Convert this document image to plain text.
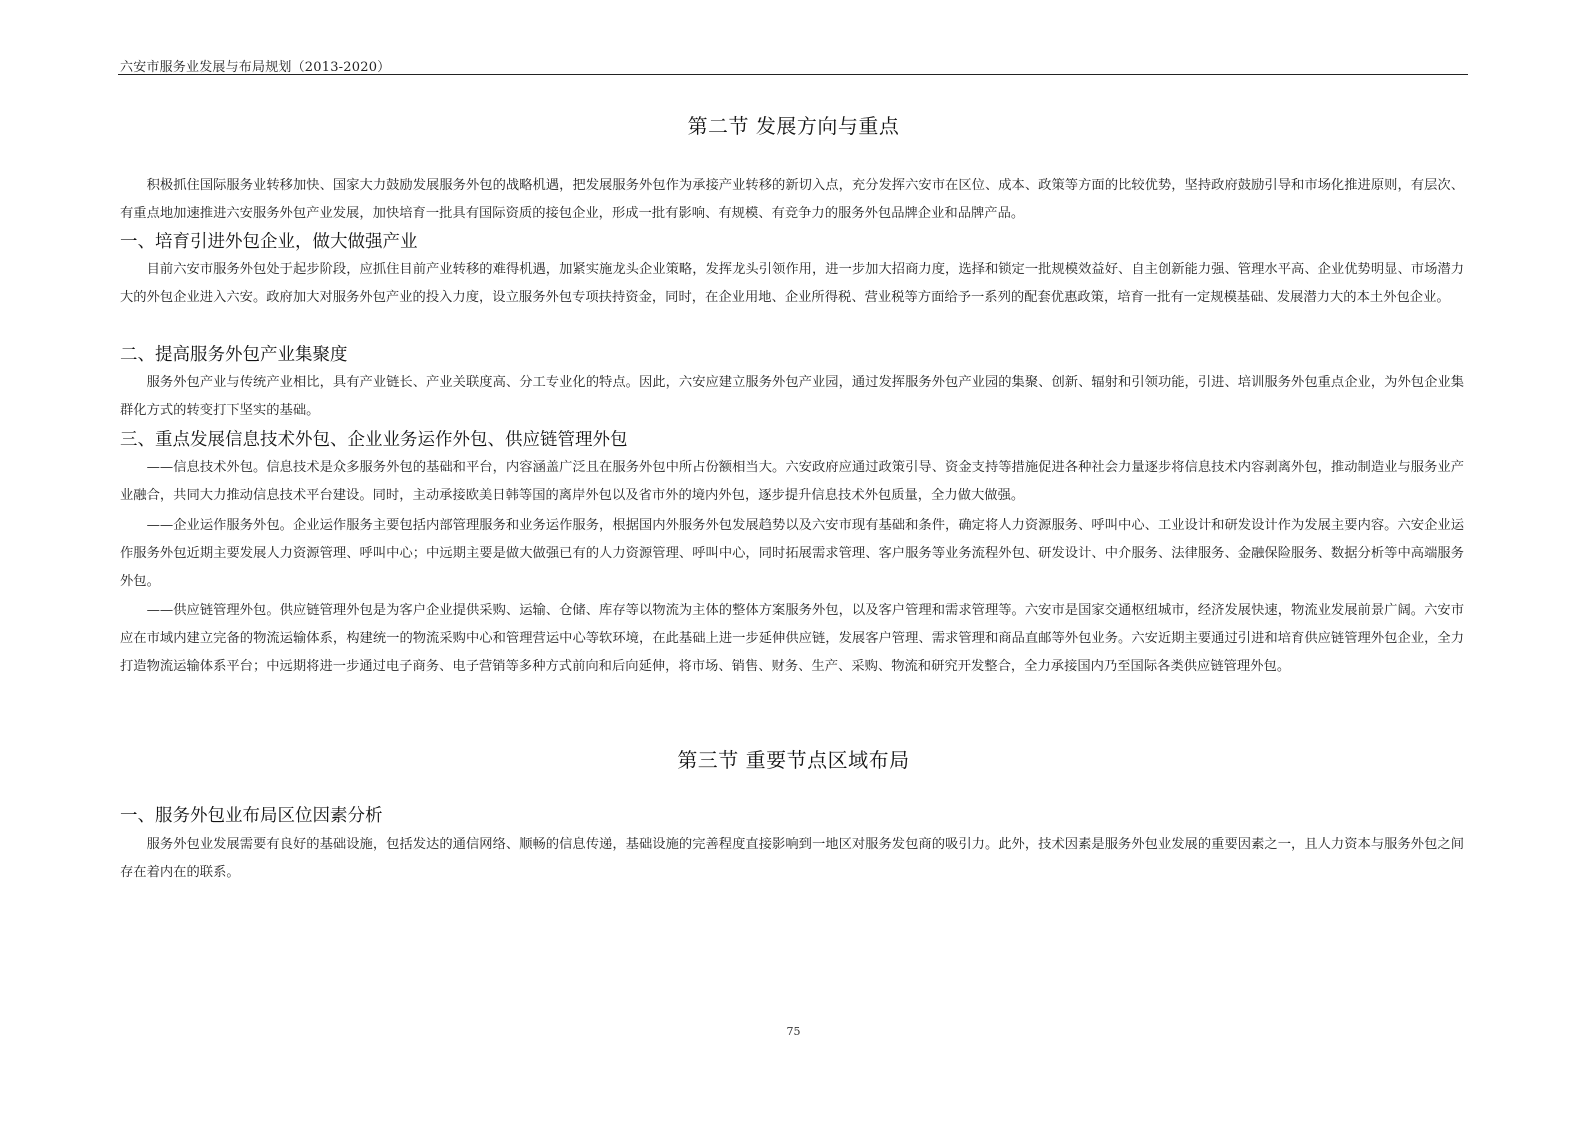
六安市服务业发展与布局规划（2013-2020）
第二节 发展方向与重点

积极抓住国际服务业转移加快、国家大力鼓励发展服务外包的战略机遇，把发展服务外包作为承接产业转移的新切入点，充分发挥六安市在区位、成本、政策等方面的比较优势，坚持政府鼓励引导和市场化推进原则，有层次、有重点地加速推进六安服务外包产业发展，加快培育一批具有国际资质的接包企业，形成一批有影响、有规模、有竞争力的服务外包品牌企业和品牌产品。

一、培育引进外包企业，做大做强产业

目前六安市服务外包处于起步阶段，应抓住目前产业转移的难得机遇，加紧实施龙头企业策略，发挥龙头引领作用，进一步加大招商力度，选择和锁定一批规模效益好、自主创新能力强、管理水平高、企业优势明显、市场潜力大的外包企业进入六安。政府加大对服务外包产业的投入力度，设立服务外包专项扶持资金，同时，在企业用地、企业所得税、营业税等方面给予一系列的配套优惠政策，培育一批有一定规模基础、发展潜力大的本土外包企业。

二、提高服务外包产业集聚度

服务外包产业与传统产业相比，具有产业链长、产业关联度高、分工专业化的特点。因此，六安应建立服务外包产业园，通过发挥服务外包产业园的集聚、创新、辐射和引领功能，引进、培训服务外包重点企业，为外包企业集群化方式的转变打下坚实的基础。

三、重点发展信息技术外包、企业业务运作外包、供应链管理外包

——信息技术外包。信息技术是众多服务外包的基础和平台，内容涵盖广泛且在服务外包中所占份额相当大。六安政府应通过政策引导、资金支持等措施促进各种社会力量逐步将信息技术内容剥离外包，推动制造业与服务业产业融合，共同大力推动信息技术平台建设。同时，主动承接欧美日韩等国的离岸外包以及省市外的境内外包，逐步提升信息技术外包质量，全力做大做强。

——企业运作服务外包。企业运作服务主要包括内部管理服务和业务运作服务，根据国内外服务外包发展趋势以及六安市现有基础和条件，确定将人力资源服务、呼叫中心、工业设计和研发设计作为发展主要内容。六安企业运作服务外包近期主要发展人力资源管理、呼叫中心；中远期主要是做大做强已有的人力资源管理、呼叫中心，同时拓展需求管理、客户服务等业务流程外包、研发设计、中介服务、法律服务、金融保险服务、数据分析等中高端服务外包。

——供应链管理外包。供应链管理外包是为客户企业提供采购、运输、仓储、库存等以物流为主体的整体方案服务外包，以及客户管理和需求管理等。六安市是国家交通枢纽城市，经济发展快速，物流业发展前景广阔。六安市应在市域内建立完备的物流运输体系，构建统一的物流采购中心和管理营运中心等软环境，在此基础上进一步延伸供应链，发展客户管理、需求管理和商品直邮等外包业务。六安近期主要通过引进和培育供应链管理外包企业，全力打造物流运输体系平台；中远期将进一步通过电子商务、电子营销等多种方式前向和后向延伸，将市场、销售、财务、生产、采购、物流和研究开发整合，全力承接国内乃至国际各类供应链管理外包。

第三节 重要节点区域布局
一、服务外包业布局区位因素分析

服务外包业发展需要有良好的基础设施，包括发达的通信网络、顺畅的信息传递，基础设施的完善程度直接影响到一地区对服务发包商的吸引力。此外，技术因素是服务外包业发展的重要因素之一，且人力资本与服务外包之间存在着内在的联系。

75
